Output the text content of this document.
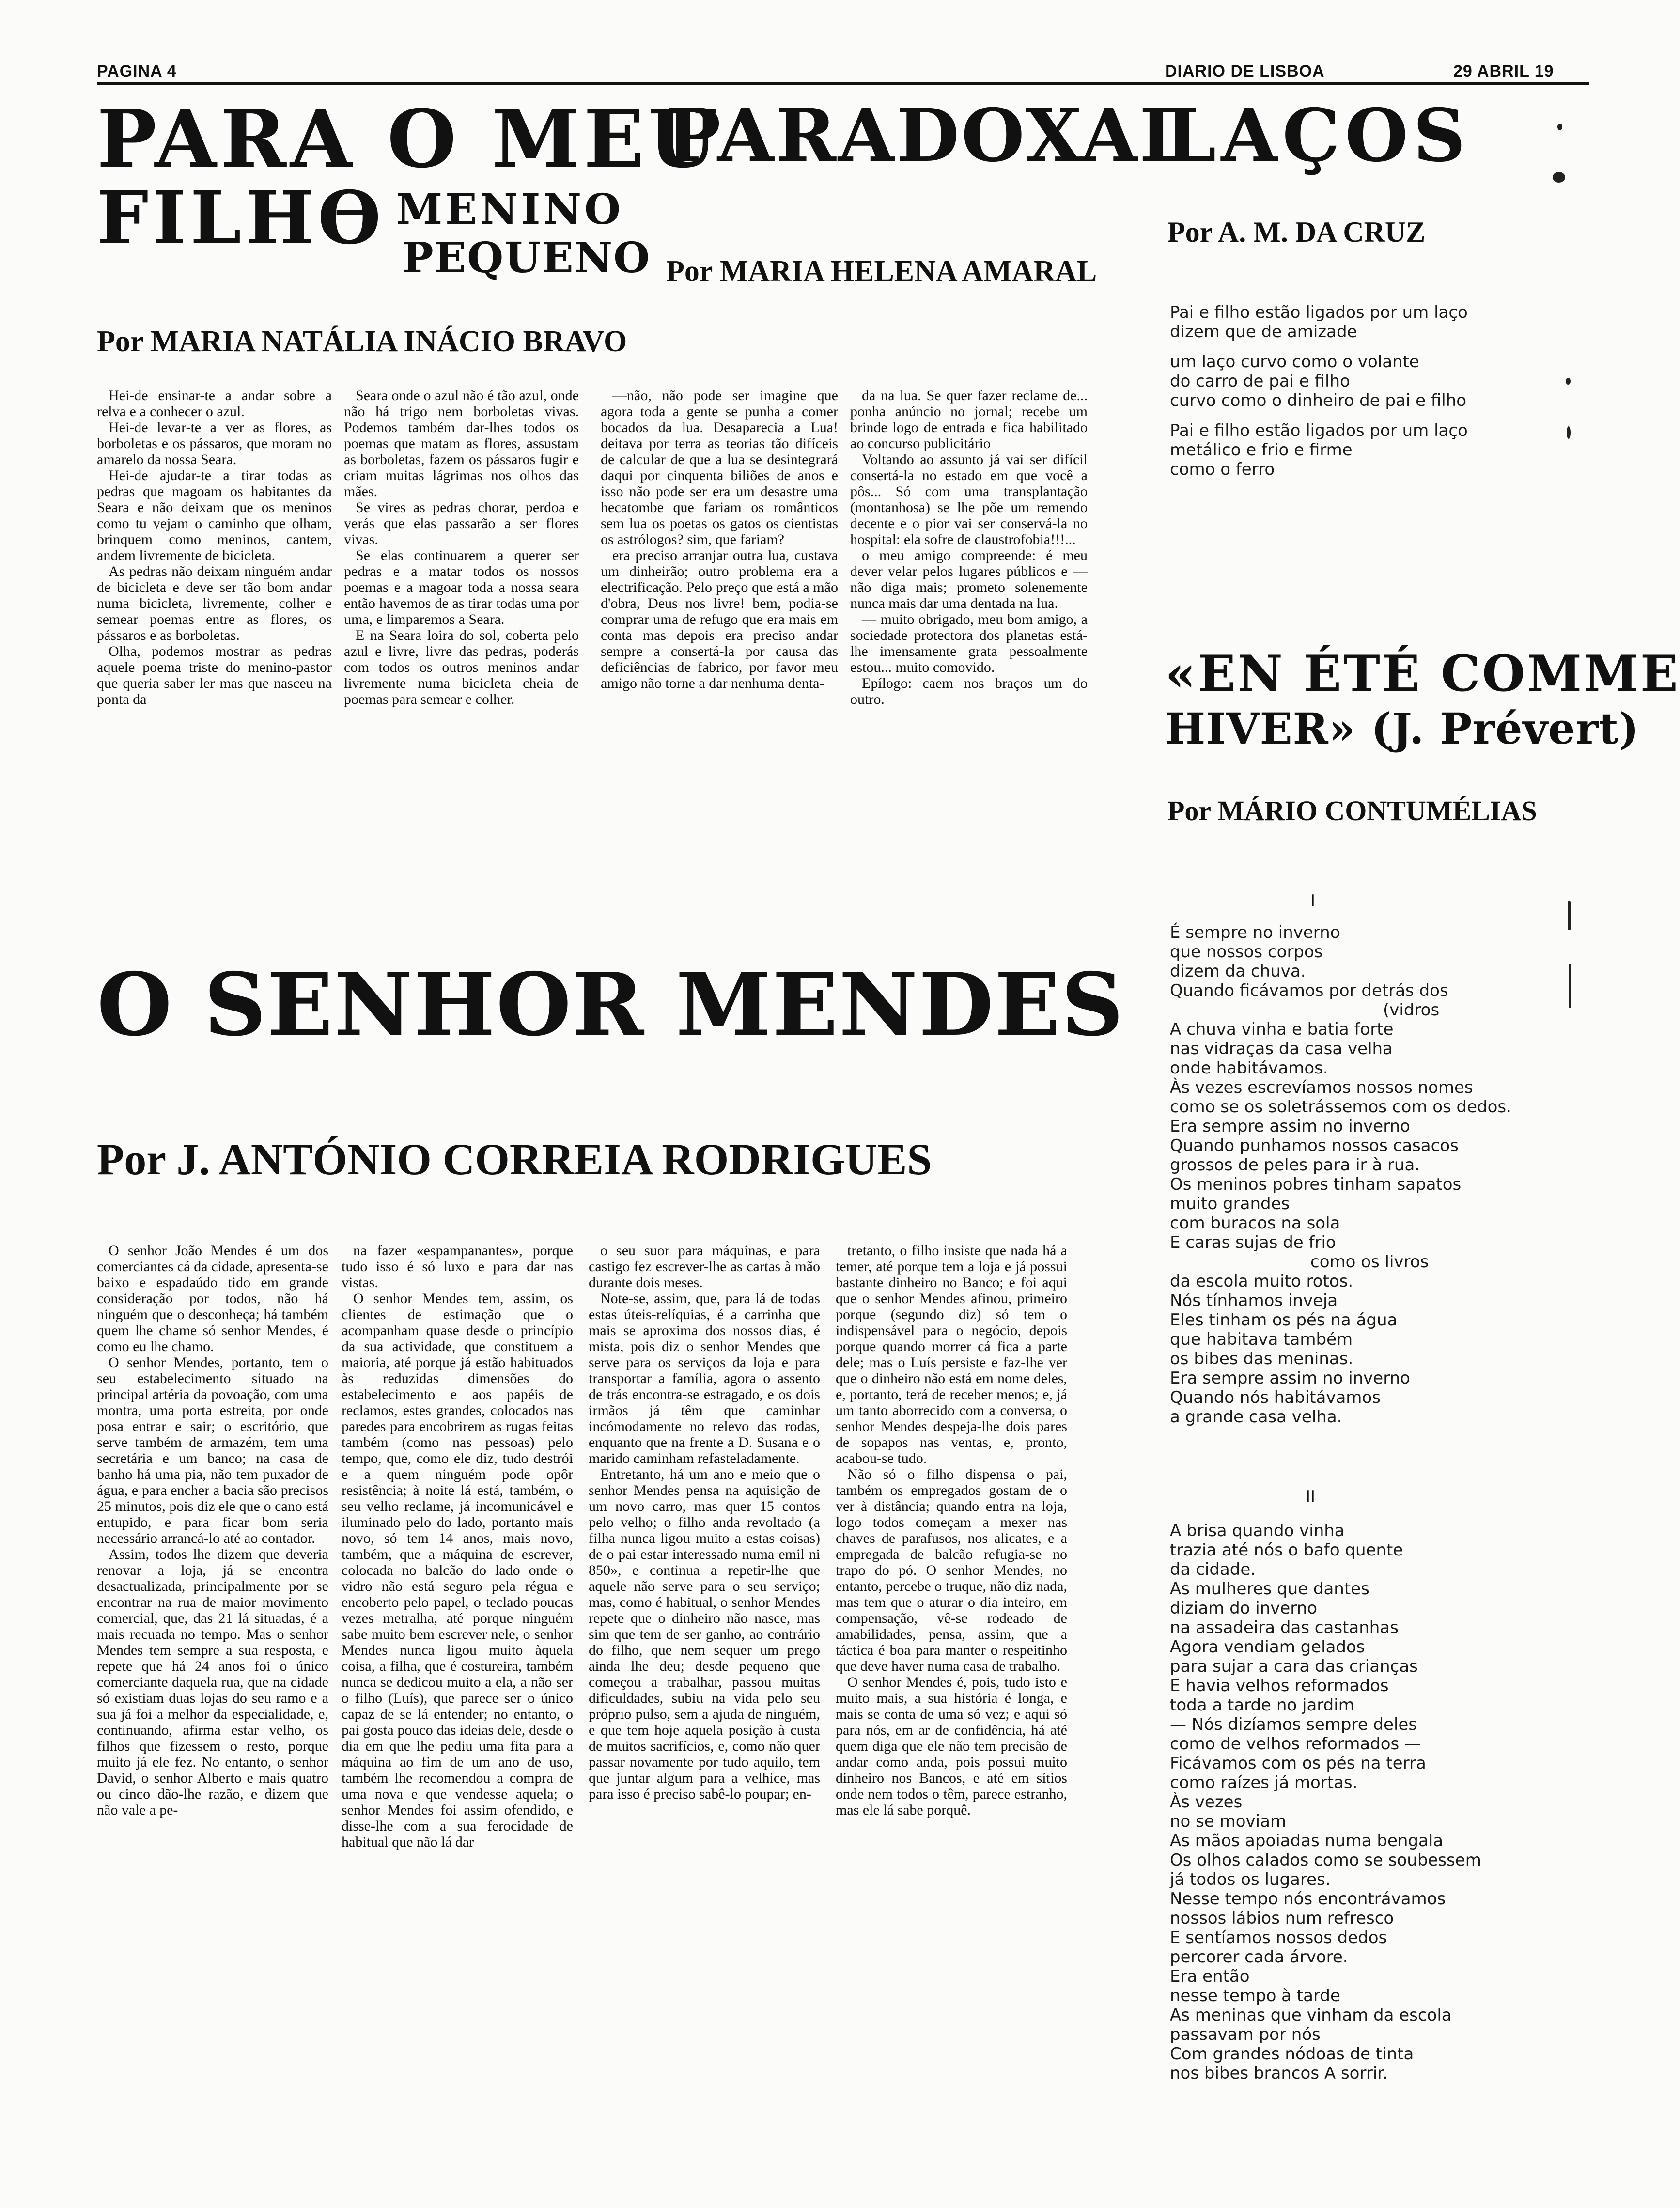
PAGINA 4	DIARIO DE LISBOA	29 ABRIL 19
PARA O MEU
FILHO
— MENINO
PEQUENO
Por MARIA NATÁLIA INÁCIO BRAVO

Hei-de ensinar-te a andar sobre a relva e a conhecer o azul.

Hei-de levar-te a ver as flores, as borboletas e os pássaros, que moram no amarelo da nossa Seara.

Hei-de ajudar-te a tirar todas as pedras que magoam os habitantes da Seara e não deixam que os meninos como tu vejam o caminho que olham, brinquem como meninos, cantem, andem livremente de bicicleta.

As pedras não deixam ninguém andar de bicicleta e deve ser tão bom andar numa bicicleta, livremente, colher e semear poemas entre as flores, os pássaros e as borboletas.

Olha, podemos mostrar as pedras aquele poema triste do menino-pastor que queria saber ler mas que nasceu na ponta da

Seara onde o azul não é tão azul, onde não há trigo nem borboletas vivas. Podemos também dar-lhes todos os poemas que matam as flores, assustam as borboletas, fazem os pássaros fugir e criam muitas lágrimas nos olhos das mães.

Se vires as pedras chorar, perdoa e verás que elas passarão a ser flores vivas.

Se elas continuarem a querer ser pedras e a matar todos os nossos poemas e a magoar toda a nossa seara então havemos de as tirar todas uma por uma, e limparemos a Seara.

E na Seara loira do sol, coberta pelo azul e livre, livre das pedras, poderás com todos os outros meninos andar livremente numa bicicleta cheia de poemas para semear e colher.

PARADOXAL
Por MARIA HELENA AMARAL

—não, não pode ser imagine que agora toda a gente se punha a comer bocados da lua. Desaparecia a Lua! deitava por terra as teorias tão difíceis de calcular de que a lua se desintegrará daqui por cinquenta biliões de anos e isso não pode ser era um desastre uma hecatombe que fariam os românticos sem lua os poetas os gatos os cientistas os astrólogos? sim, que fariam?

era preciso arranjar outra lua, custava um dinheirão; outro problema era a electrificação. Pelo preço que está a mão d'obra, Deus nos livre! bem, podia-se comprar uma de refugo que era mais em conta mas depois era preciso andar sempre a consertá-la por causa das deficiências de fabrico, por favor meu amigo não torne a dar nenhuma denta-

da na lua. Se quer fazer reclame de... ponha anúncio no jornal; recebe um brinde logo de entrada e fica habilitado ao concurso publicitário

Voltando ao assunto já vai ser difícil consertá-la no estado em que você a pôs... Só com uma transplantação (montanhosa) se lhe põe um remendo decente e o pior vai ser conservá-la no hospital: ela sofre de claustrofobia!!!...

o meu amigo compreende: é meu dever velar pelos lugares públicos e — não diga mais; prometo solenemente nunca mais dar uma dentada na lua.

— muito obrigado, meu bom amigo, a sociedade protectora dos planetas está-lhe imensamente grata pessoalmente estou... muito comovido.

Epílogo: caem nos braços um do outro.

LAÇOS
Por A. M. DA CRUZ

Pai e filho estão ligados por um laço

dizem que de amizade

um laço curvo como o volante

do carro de pai e filho

curvo como o dinheiro de pai e filho

Pai e filho estão ligados por um laço

metálico e frio e firme

como o ferro

«EN ÉTÉ COMME
HIVER» (J. Prévert)
Por MÁRIO CONTUMÉLIAS
I

É sempre no inverno

que nossos corpos

dizem da chuva.

Quando ficávamos por detrás dos

(vidros

A chuva vinha e batia forte

nas vidraças da casa velha

onde habitávamos.

Às vezes escrevíamos nossos nomes

como se os soletrássemos com os dedos.

Era sempre assim no inverno

Quando punhamos nossos casacos

grossos de peles para ir à rua.

Os meninos pobres tinham sapatos

muito grandes

com buracos na sola

E caras sujas de frio

como os livros

da escola muito rotos.

Nós tínhamos inveja

Eles tinham os pés na água

que habitava também

os bibes das meninas.

Era sempre assim no inverno

Quando nós habitávamos

a grande casa velha.

II

A brisa quando vinha

trazia até nós o bafo quente

da cidade.

As mulheres que dantes

diziam do inverno

na assadeira das castanhas

Agora vendiam gelados

para sujar a cara das crianças

E havia velhos reformados

toda a tarde no jardim

— Nós dizíamos sempre deles

como de velhos reformados —

Ficávamos com os pés na terra

como raízes já mortas.

Às vezes

no se moviam

As mãos apoiadas numa bengala

Os olhos calados como se soubessem

já todos os lugares.

Nesse tempo nós encontrávamos

nossos lábios num refresco

E sentíamos nossos dedos

percorer cada árvore.

Era então

nesse tempo à tarde

As meninas que vinham da escola

passavam por nós

Com grandes nódoas de tinta

nos bibes brancos A sorrir.

O SENHOR MENDES
Por J. ANTÓNIO CORREIA RODRIGUES

O senhor João Mendes é um dos comerciantes cá da cidade, apresenta-se baixo e espadaúdo tido em grande consideração por todos, não há ninguém que o desconheça; há também quem lhe chame só senhor Mendes, é como eu lhe chamo.

O senhor Mendes, portanto, tem o seu estabelecimento situado na principal artéria da povoação, com uma montra, uma porta estreita, por onde posa entrar e sair; o escritório, que serve também de armazém, tem uma secretária e um banco; na casa de banho há uma pia, não tem puxador de água, e para encher a bacia são precisos 25 minutos, pois diz ele que o cano está entupido, e para ficar bom seria necessário arrancá-lo até ao contador.

Assim, todos lhe dizem que deveria renovar a loja, já se encontra desactualizada, principalmente por se encontrar na rua de maior movimento comercial, que, das 21 lá situadas, é a mais recuada no tempo. Mas o senhor Mendes tem sempre a sua resposta, e repete que há 24 anos foi o único comerciante daquela rua, que na cidade só existiam duas lojas do seu ramo e a sua já foi a melhor da especialidade, e, continuando, afirma estar velho, os filhos que fizessem o resto, porque muito já ele fez. No entanto, o senhor David, o senhor Alberto e mais quatro ou cinco dão-lhe razão, e dizem que não vale a pe-

na fazer «espampanantes», porque tudo isso é só luxo e para dar nas vistas.

O senhor Mendes tem, assim, os clientes de estimação que o acompanham quase desde o princípio da sua actividade, que constituem a maioria, até porque já estão habituados às reduzidas dimensões do estabelecimento e aos papéis de reclamos, estes grandes, colocados nas paredes para encobrirem as rugas feitas também (como nas pessoas) pelo tempo, que, como ele diz, tudo destrói e a quem ninguém pode opôr resistência; à noite lá está, também, o seu velho reclame, já incomunicável e iluminado pelo do lado, portanto mais novo, só tem 14 anos, mais novo, também, que a máquina de escrever, colocada no balcão do lado onde o vidro não está seguro pela régua e encoberto pelo papel, o teclado poucas vezes metralha, até porque ninguém sabe muito bem escrever nele, o senhor Mendes nunca ligou muito àquela coisa, a filha, que é costureira, também nunca se dedicou muito a ela, a não ser o filho (Luís), que parece ser o único capaz de se lá entender; no entanto, o pai gosta pouco das ideias dele, desde o dia em que lhe pediu uma fita para a máquina ao fim de um ano de uso, também lhe recomendou a compra de uma nova e que vendesse aquela; o senhor Mendes foi assim ofendido, e disse-lhe com a sua ferocidade de habitual que não lá dar

o seu suor para máquinas, e para castigo fez escrever-lhe as cartas à mão durante dois meses.

Note-se, assim, que, para lá de todas estas úteis-relíquias, é a carrinha que mais se aproxima dos nossos dias, é mista, pois diz o senhor Mendes que serve para os serviços da loja e para transportar a família, agora o assento de trás encontra-se estragado, e os dois irmãos já têm que caminhar incómodamente no relevo das rodas, enquanto que na frente a D. Susana e o marido caminham refasteladamente.

Entretanto, há um ano e meio que o senhor Mendes pensa na aquisição de um novo carro, mas quer 15 contos pelo velho; o filho anda revoltado (a filha nunca ligou muito a estas coisas) de o pai estar interessado numa emil ni 850», e continua a repetir-lhe que aquele não serve para o seu serviço; mas, como é habitual, o senhor Mendes repete que o dinheiro não nasce, mas sim que tem de ser ganho, ao contrário do filho, que nem sequer um prego ainda lhe deu; desde pequeno que começou a trabalhar, passou muitas dificuldades, subiu na vida pelo seu próprio pulso, sem a ajuda de ninguém, e que tem hoje aquela posição à custa de muitos sacrifícios, e, como não quer passar novamente por tudo aquilo, tem que juntar algum para a velhice, mas para isso é preciso sabê-lo poupar; en-

tretanto, o filho insiste que nada há a temer, até porque tem a loja e já possui bastante dinheiro no Banco; e foi aqui que o senhor Mendes afinou, primeiro porque (segundo diz) só tem o indispensável para o negócio, depois porque quando morrer cá fica a parte dele; mas o Luís persiste e faz-lhe ver que o dinheiro não está em nome deles, e, portanto, terá de receber menos; e, já um tanto aborrecido com a conversa, o senhor Mendes despeja-lhe dois pares de sopapos nas ventas, e, pronto, acabou-se tudo.

Não só o filho dispensa o pai, também os empregados gostam de o ver à distância; quando entra na loja, logo todos começam a mexer nas chaves de parafusos, nos alicates, e a empregada de balcão refugia-se no trapo do pó. O senhor Mendes, no entanto, percebe o truque, não diz nada, mas tem que o aturar o dia inteiro, em compensação, vê-se rodeado de amabilidades, pensa, assim, que a táctica é boa para manter o respeitinho que deve haver numa casa de trabalho.

O senhor Mendes é, pois, tudo isto e muito mais, a sua história é longa, e mais se conta de uma só vez; e aqui só para nós, em ar de confidência, há até quem diga que ele não tem precisão de andar como anda, pois possui muito dinheiro nos Bancos, e até em sítios onde nem todos o têm, parece estranho, mas ele lá sabe porquê.
